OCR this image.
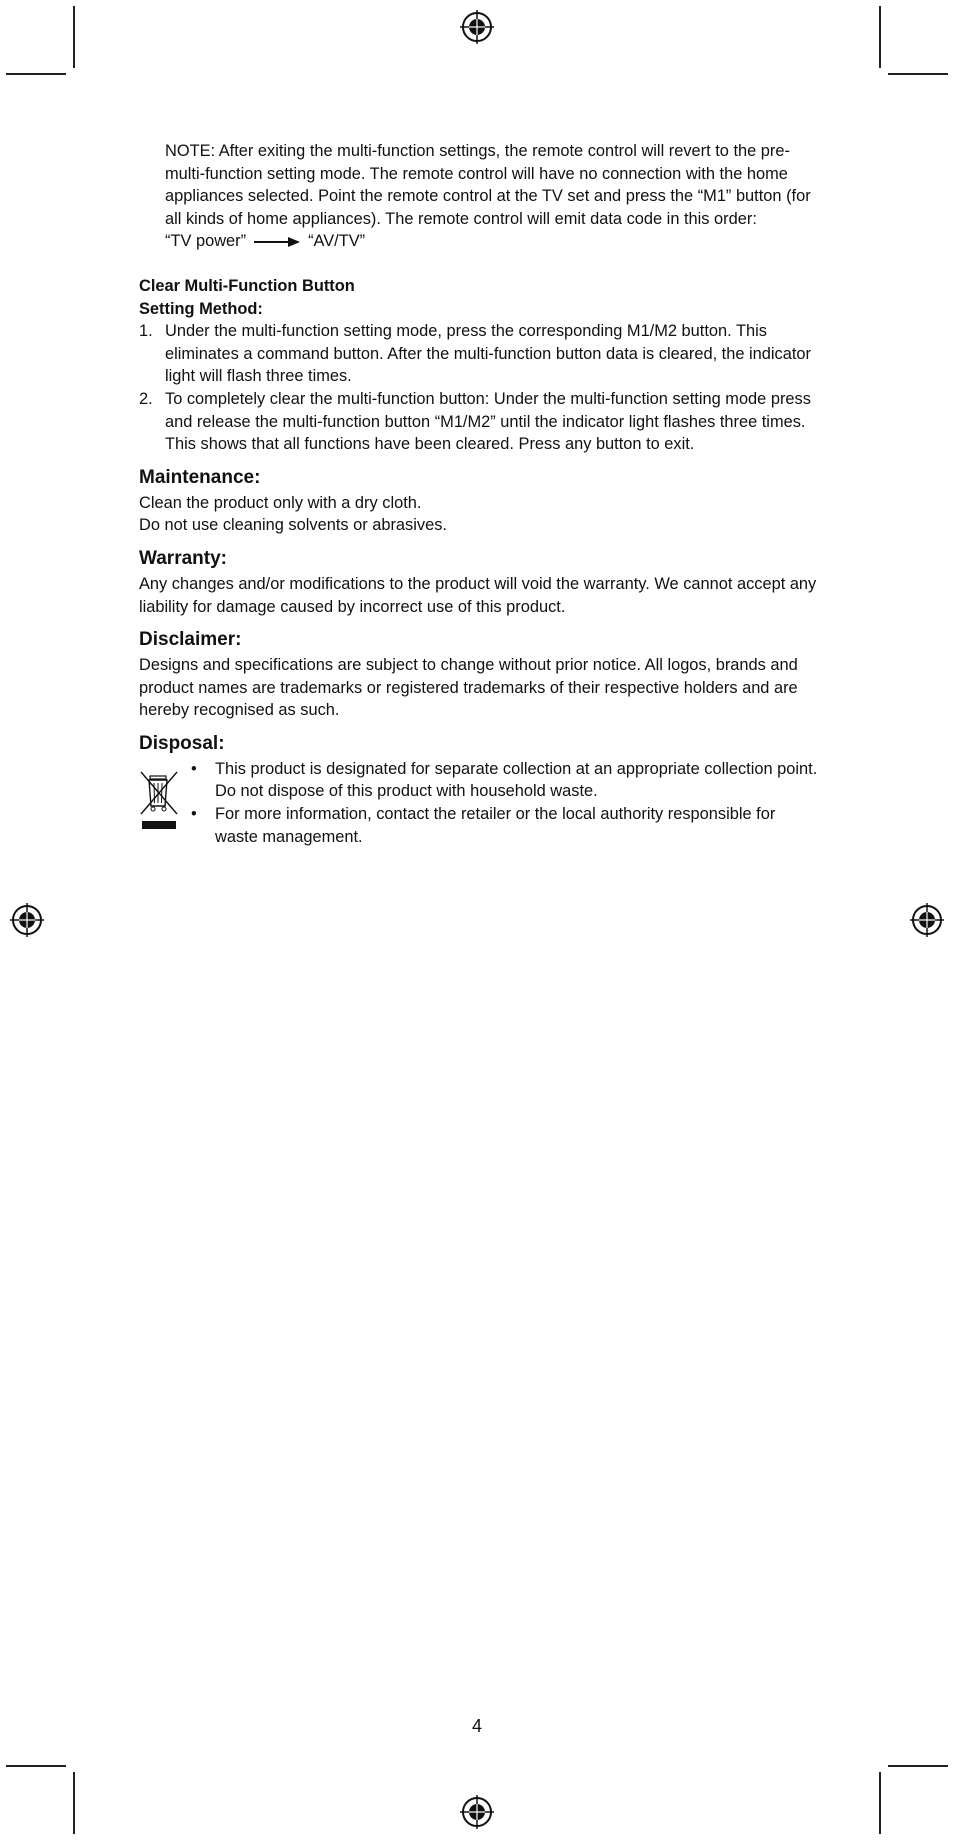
NOTE: After exiting the multi-function settings, the remote control will revert to the pre-multi-function setting mode. The remote control will have no connection with the home appliances selected. Point the remote control at the TV set and press the “M1” button (for all kinds of home appliances). The remote control will emit data code in this order:

“TV power”	“AV/TV”

Clear Multi-Function Button

Setting Method:

1. Under the multi-function setting mode, press the corresponding M1/M2 button. This eliminates a command button. After the multi-function button data is cleared, the indicator light will flash three times.
2. To completely clear the multi-function button: Under the multi-function setting mode press and release the multi-function button “M1/M2” until the indicator light flashes three times. This shows that all functions have been cleared. Press any button to exit.
Maintenance:

Clean the product only with a dry cloth.

Do not use cleaning solvents or abrasives.

Warranty:

Any changes and/or modifications to the product will void the warranty. We cannot accept any liability for damage caused by incorrect use of this product.

Disclaimer:

Designs and specifications are subject to change without prior notice. All logos, brands and product names are trademarks or registered trademarks of their respective holders and are hereby recognised as such.

Disposal:
•	This product is designated for separate collection at an appropriate collection point. Do not dispose of this product with household waste.
•	For more information, contact the retailer or the local authority responsible for waste management.
4
